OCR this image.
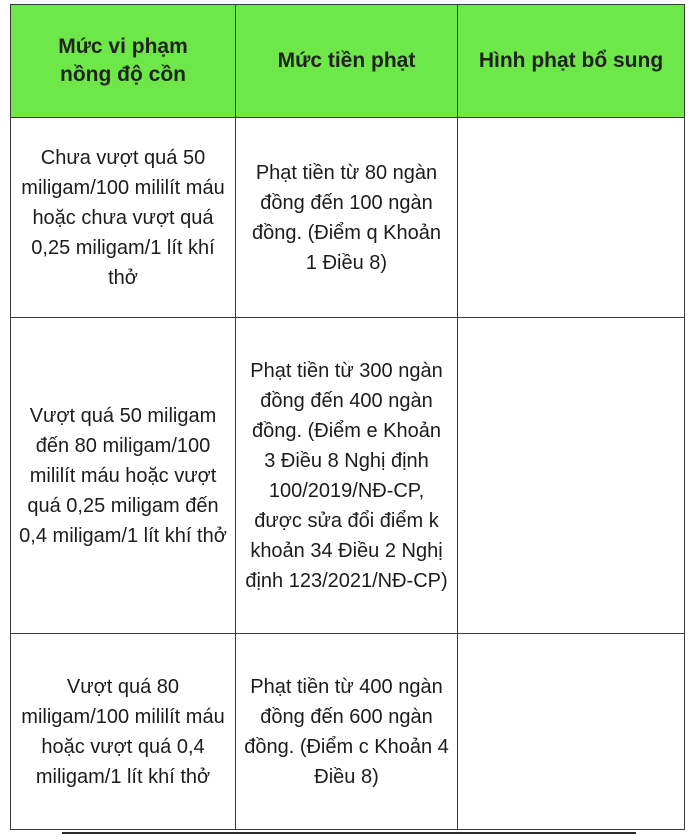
Mức vi phạm
nồng độ cồn	Mức tiền phạt	Hình phạt bổ sung
Chưa vượt quá 50 miligam/100 mililít máu hoặc chưa vượt quá 0,25 miligam/1 lít khí thở	Phạt tiền từ 80 ngàn đồng đến 100 ngàn đồng. (Điểm q Khoản 1 Điều 8)	
Vượt quá 50 miligam đến 80 miligam/100 mililít máu hoặc vượt quá 0,25 miligam đến 0,4 miligam/1 lít khí thở	Phạt tiền từ 300 ngàn đồng đến 400 ngàn đồng. (Điểm e Khoản 3 Điều 8 Nghị định 100/2019/NĐ-CP, được sửa đổi điểm k khoản 34 Điều 2 Nghị định 123/2021/NĐ-CP)	
Vượt quá 80 miligam/100 mililít máu hoặc vượt quá 0,4 miligam/1 lít khí thở	Phạt tiền từ 400 ngàn đồng đến 600 ngàn đồng. (Điểm c Khoản 4 Điều 8)	
